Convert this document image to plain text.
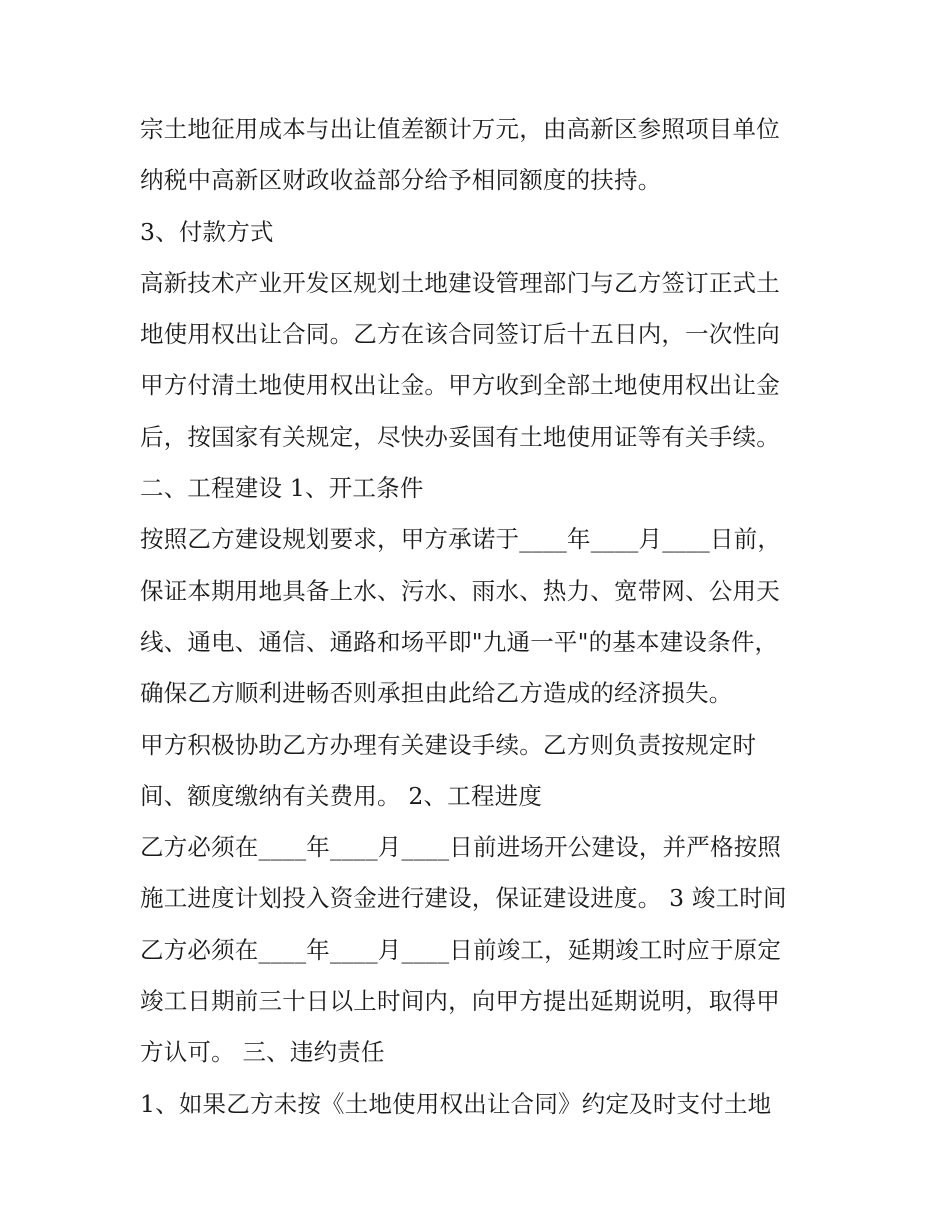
宗土地征用成本与出让值差额计万元，由高新区参照项目单位
纳税中高新区财政收益部分给予相同额度的扶持。
3、付款方式
高新技术产业开发区规划土地建设管理部门与乙方签订正式土
地使用权出让合同。乙方在该合同签订后十五日内，一次性向
甲方付清土地使用权出让金。甲方收到全部土地使用权出让金
后，按国家有关规定，尽快办妥国有土地使用证等有关手续。
二、工程建设 1、开工条件
按照乙方建设规划要求，甲方承诺于____年____月____日前，
保证本期用地具备上水、污水、雨水、热力、宽带网、公用天
线、通电、通信、通路和场平即"九通一平"的基本建设条件，
确保乙方顺利进畅否则承担由此给乙方造成的经济损失。
甲方积极协助乙方办理有关建设手续。乙方则负责按规定时
间、额度缴纳有关费用。 2、工程进度
乙方必须在____年____月____日前进场开公建设，并严格按照
施工进度计划投入资金进行建设，保证建设进度。 3 竣工时间
乙方必须在____年____月____日前竣工，延期竣工时应于原定
竣工日期前三十日以上时间内，向甲方提出延期说明，取得甲
方认可。 三、违约责任
1、如果乙方未按《土地使用权出让合同》约定及时支付土地
